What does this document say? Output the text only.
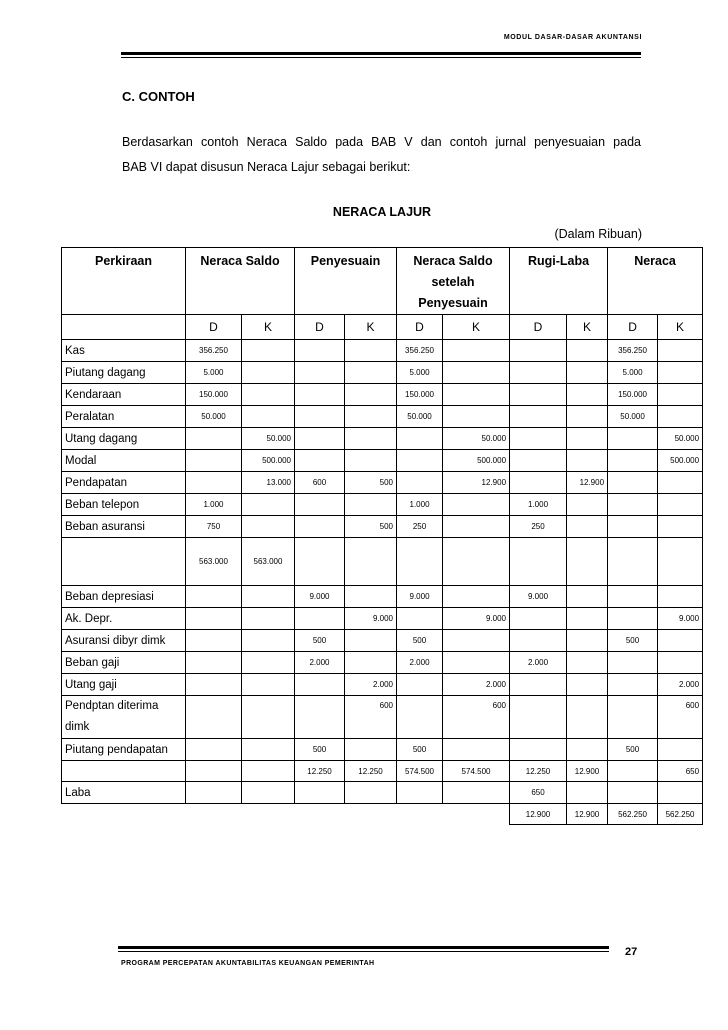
MODUL DASAR-DASAR AKUNTANSI
C. CONTOH
Berdasarkan contoh Neraca Saldo pada BAB V dan contoh jurnal penyesuaian pada
BAB VI dapat disusun Neraca Lajur sebagai berikut:
NERACA LAJUR
(Dalam Ribuan)
Perkiraan	Neraca Saldo		Penyesuain		Neraca Saldo setelah Penyesuain		Rugi-Laba		Neraca	
	D	K	D	K	D	K	D	K	D	K
Kas	356.250				356.250				356.250	
Piutang dagang	5.000				5.000				5.000	
Kendaraan	150.000				150.000				150.000	
Peralatan	50.000				50.000				50.000	
Utang dagang		50.000				50.000				50.000
Modal		500.000				500.000				500.000
Pendapatan		13.000	600	500		12.900		12.900		
Beban telepon	1.000				1.000		1.000			
Beban asuransi	750			500	250		250			
	563.000	563.000								
Beban depresiasi			9.000		9.000		9.000			
Ak. Depr.				9.000		9.000				9.000
Asuransi dibyr dimk			500		500				500	
Beban gaji			2.000		2.000		2.000			
Utang gaji				2.000		2.000				2.000
Pendptan diterima dimk				600		600				600
Piutang pendapatan			500		500				500	
			12.250	12.250	574.500	574.500	12.250	12.900		650
Laba							650			
							12.900	12.900	562.250	562.250
27
PROGRAM PERCEPATAN AKUNTABILITAS KEUANGAN PEMERINTAH
